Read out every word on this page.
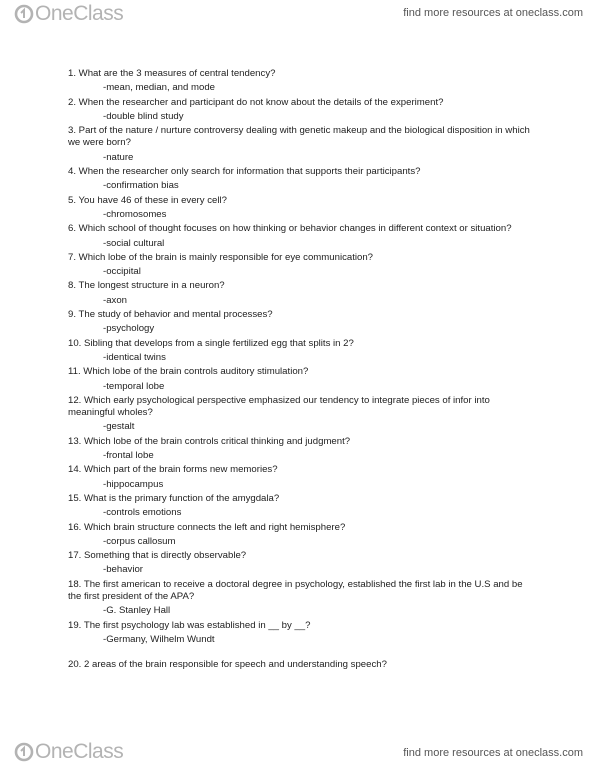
OneClass	find more resources at oneclass.com

1. What are the 3 measures of central tendency?

-mean, median, and mode

2. When the researcher and participant do not know about the details of the experiment?

-double blind study

3. Part of the nature / nurture controversy dealing with genetic makeup and the biological disposition in which we were born?

-nature

4. When the researcher only search for information that supports their participants?

-confirmation bias

5. You have 46 of these in every cell?

-chromosomes

6. Which school of thought focuses on how thinking or behavior changes in different context or situation?

-social cultural

7. Which lobe of the brain is mainly responsible for eye communication?

-occipital

8. The longest structure in a neuron?

-axon

9. The study of behavior and mental processes?

-psychology

10. Sibling that develops from a single fertilized egg that splits in 2?

-identical twins

11. Which lobe of the brain controls auditory stimulation?

-temporal lobe

12. Which early psychological perspective emphasized our tendency to integrate pieces of infor into meaningful wholes?

-gestalt

13. Which lobe of the brain controls critical thinking and judgment?

-frontal lobe

14. Which part of the brain forms new memories?

-hippocampus

15. What is the primary function of the amygdala?

-controls emotions

16. Which brain structure connects the left and right hemisphere?

-corpus callosum

17. Something that is directly observable?

-behavior

18. The first american to receive a doctoral degree in psychology, established the first lab in the U.S and be the first president of the APA?

-G. Stanley Hall

19. The first psychology lab was established in __ by __?

-Germany, Wilhelm Wundt

20. 2 areas of the brain responsible for speech and understanding speech?

OneClass	find more resources at oneclass.com
